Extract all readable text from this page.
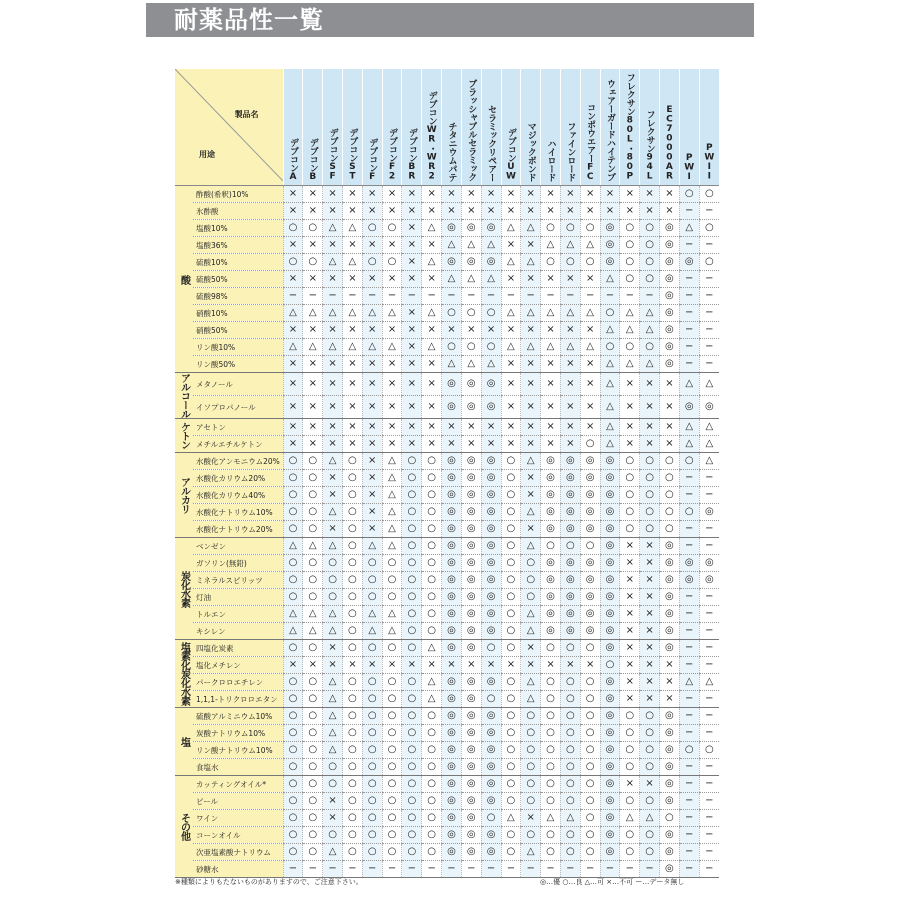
耐薬品性一覧
製品名
用途		デブコンA	デブコンB	デブコンSF	デブコンST	デブコンF	デブコンF2	デブコンBR	デブコンWR・WR2	チタニウムパテ	ブラッシャブルセラミック	セラミックリペアー	デブコンUW	マジックボンド	ハイロード	ファインロード	コンポウエアーFC	ウェアーガードハイテンプ	フレクサン80L・80P	フレクサン94L	EC7000AR	PWI	PWII

酸	酢酸(希釈)10%	×	×	×	×	×	×	×	×	×	×	×	×	×	×	×	×	×	×	×	×	○	○
	氷酢酸	×	×	×	×	×	×	×	×	×	×	×	×	×	×	×	×	×	×	×	×	−	−
	塩酸10%	○	○	△	△	○	○	×	△	◎	◎	◎	△	△	○	○	○	◎	○	○	◎	△	○
	塩酸36%	×	×	×	×	×	×	×	×	△	△	△	×	×	△	△	△	◎	○	○	◎	−	−
	硫酸10%	○	○	△	△	○	○	×	△	◎	◎	◎	△	△	○	○	○	◎	○	○	◎	◎	○
	硫酸50%	×	×	×	×	×	×	×	×	△	△	△	×	×	×	×	×	△	○	○	◎	−	−
	硫酸98%	−	−	−	−	−	−	−	−	−	−	−	−	−	−	−	−	−	−	−	◎	−	−
	硝酸10%	△	△	△	△	△	△	×	△	○	○	○	△	△	△	△	△	○	△	△	◎	−	−
	硝酸50%	×	×	×	×	×	×	×	×	×	×	×	×	×	×	×	×	△	△	△	◎	−	−
	リン酸10%	△	△	△	△	△	△	×	△	○	○	○	△	△	△	△	△	○	○	○	◎	−	−
	リン酸50%	×	×	×	×	×	×	×	×	△	△	△	×	×	×	×	×	△	△	△	◎	−	−

アルコール	メタノール	×	×	×	×	×	×	×	×	◎	◎	◎	×	×	×	×	×	△	×	×	×	△	△
	イソプロパノール	×	×	×	×	×	×	×	×	◎	◎	◎	×	×	×	×	×	△	×	×	×	◎	◎

ケトン	アセトン	×	×	×	×	×	×	×	×	×	×	×	×	×	×	×	×	△	×	×	×	△	△
	メチルエチルケトン	×	×	×	×	×	×	×	×	×	×	×	×	×	×	×	○	△	×	×	×	△	△

アルカリ	水酸化アンモニウム20%	○	○	△	○	×	△	○	○	◎	◎	◎	○	△	◎	◎	◎	◎	○	○	○	○	△
	水酸化カリウム20%	○	○	×	○	×	△	○	○	◎	◎	◎	○	×	◎	◎	◎	◎	○	○	○	−	−
	水酸化カリウム40%	○	○	×	○	×	△	○	○	◎	◎	◎	○	×	◎	◎	◎	◎	○	○	○	−	−
	水酸化ナトリウム10%	○	○	△	○	×	△	○	○	◎	◎	◎	○	△	◎	◎	◎	◎	○	○	○	○	◎
	水酸化ナトリウム20%	○	○	×	○	×	△	○	○	◎	◎	◎	○	×	◎	◎	◎	◎	○	○	○	−	−

炭化水素	ベンゼン	△	△	△	○	△	△	○	○	◎	◎	◎	○	△	○	○	○	◎	×	×	◎	−	−
	ガソリン(無鉛)	○	○	○	○	○	○	○	○	◎	◎	◎	○	○	◎	◎	◎	◎	×	×	◎	◎	◎
	ミネラルスピリッツ	○	○	○	○	○	○	○	○	◎	◎	◎	○	○	◎	◎	◎	◎	×	×	◎	◎	◎
	灯油	○	○	○	○	○	○	○	○	◎	◎	◎	○	○	◎	◎	◎	◎	×	×	◎	−	−
	トルエン	△	△	△	○	△	△	○	○	◎	◎	◎	○	△	◎	◎	◎	◎	×	×	◎	−	−
	キシレン	△	△	△	○	△	△	○	○	◎	◎	◎	○	△	◎	◎	◎	◎	×	×	◎	−	−

塩素化炭化水素	四塩化炭素	○	○	×	○	○	○	○	△	◎	◎	○	○	×	○	○	○	◎	×	×	◎	−	−
	塩化メチレン	×	×	×	×	×	×	×	×	×	×	×	×	×	×	×	×	○	×	×	×	−	−
	パークロロエチレン	○	○	△	○	○	○	○	△	◎	◎	◎	○	△	○	○	○	◎	×	×	×	△	△
	1,1,1-トリクロロエタン	○	○	△	○	○	○	○	△	◎	◎	○	○	△	○	○	○	◎	×	×	×	−	−

塩	硫酸アルミニウム10%	○	○	△	○	○	○	○	○	◎	◎	◎	○	○	○	○	○	◎	○	○	◎	−	−
	炭酸ナトリウム10%	○	○	△	○	○	○	○	○	◎	◎	◎	○	○	○	○	○	◎	○	○	◎	−	−
	リン酸ナトリウム10%	○	○	△	○	○	○	○	○	◎	◎	◎	○	○	○	○	○	◎	○	○	◎	○	○
	食塩水	○	○	○	○	○	○	○	○	◎	◎	◎	○	○	○	○	○	◎	○	○	◎	−	−

その他	カッティングオイル*	○	○	○	○	○	○	○	○	◎	◎	◎	○	○	○	○	○	◎	×	×	◎	−	−
	ビール	○	○	×	○	○	○	○	○	◎	◎	◎	○	○	○	○	○	◎	○	○	◎	−	−
	ワイン	○	○	×	○	○	○	○	○	◎	◎	○	△	×	△	△	○	◎	△	△	○	−	−
	コーンオイル	○	○	○	○	○	○	○	○	◎	◎	◎	○	○	○	○	○	◎	○	○	◎	−	−
	次亜塩素酸ナトリウム	○	○	△	○	○	○	○	○	◎	◎	◎	○	△	○	○	○	◎	○	○	◎	−	−
	砂糖水	−	−	−	−	−	−	−	−	−	−	−	−	−	−	−	−	−	−	−	◎	−	−
※種類によりもたないものがありますので、ご注意下さい。	◎…優 ○…良 △…可 ×…不可 ー…データ無し
